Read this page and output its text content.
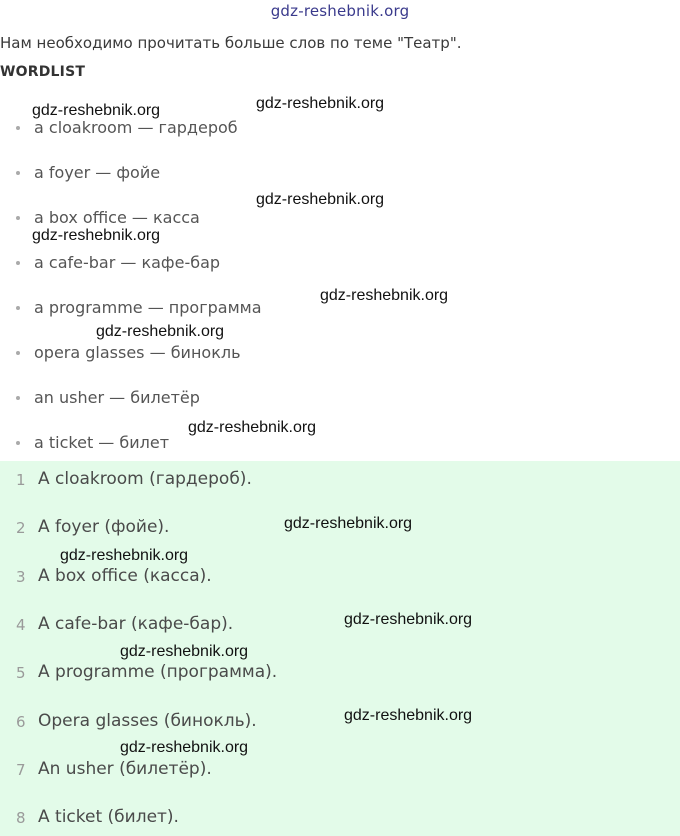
gdz-reshebnik.org
Нам необходимо прочитать больше слов по теме "Театр".
WORDLIST
a cloakroom — гардероб
a foyer — фойе
a box office — касса
a cafe-bar — кафе-бар
a programme — программа
opera glasses — бинокль
an usher — билетёр
a ticket — билет
1 A cloakroom (гардероб).
2 A foyer (фойе).
3 A box office (касса).
4 A cafe-bar (кафе-бар).
5 A programme (программа).
6 Opera glasses (бинокль).
7 An usher (билетёр).
8 A ticket (билет).
gdz-reshebnik.org	gdz-reshebnik.org
gdz-reshebnik.org
gdz-reshebnik.org
gdz-reshebnik.org
gdz-reshebnik.org
gdz-reshebnik.org
gdz-reshebnik.org
gdz-reshebnik.org
gdz-reshebnik.org
gdz-reshebnik.org
gdz-reshebnik.org
gdz-reshebnik.org
